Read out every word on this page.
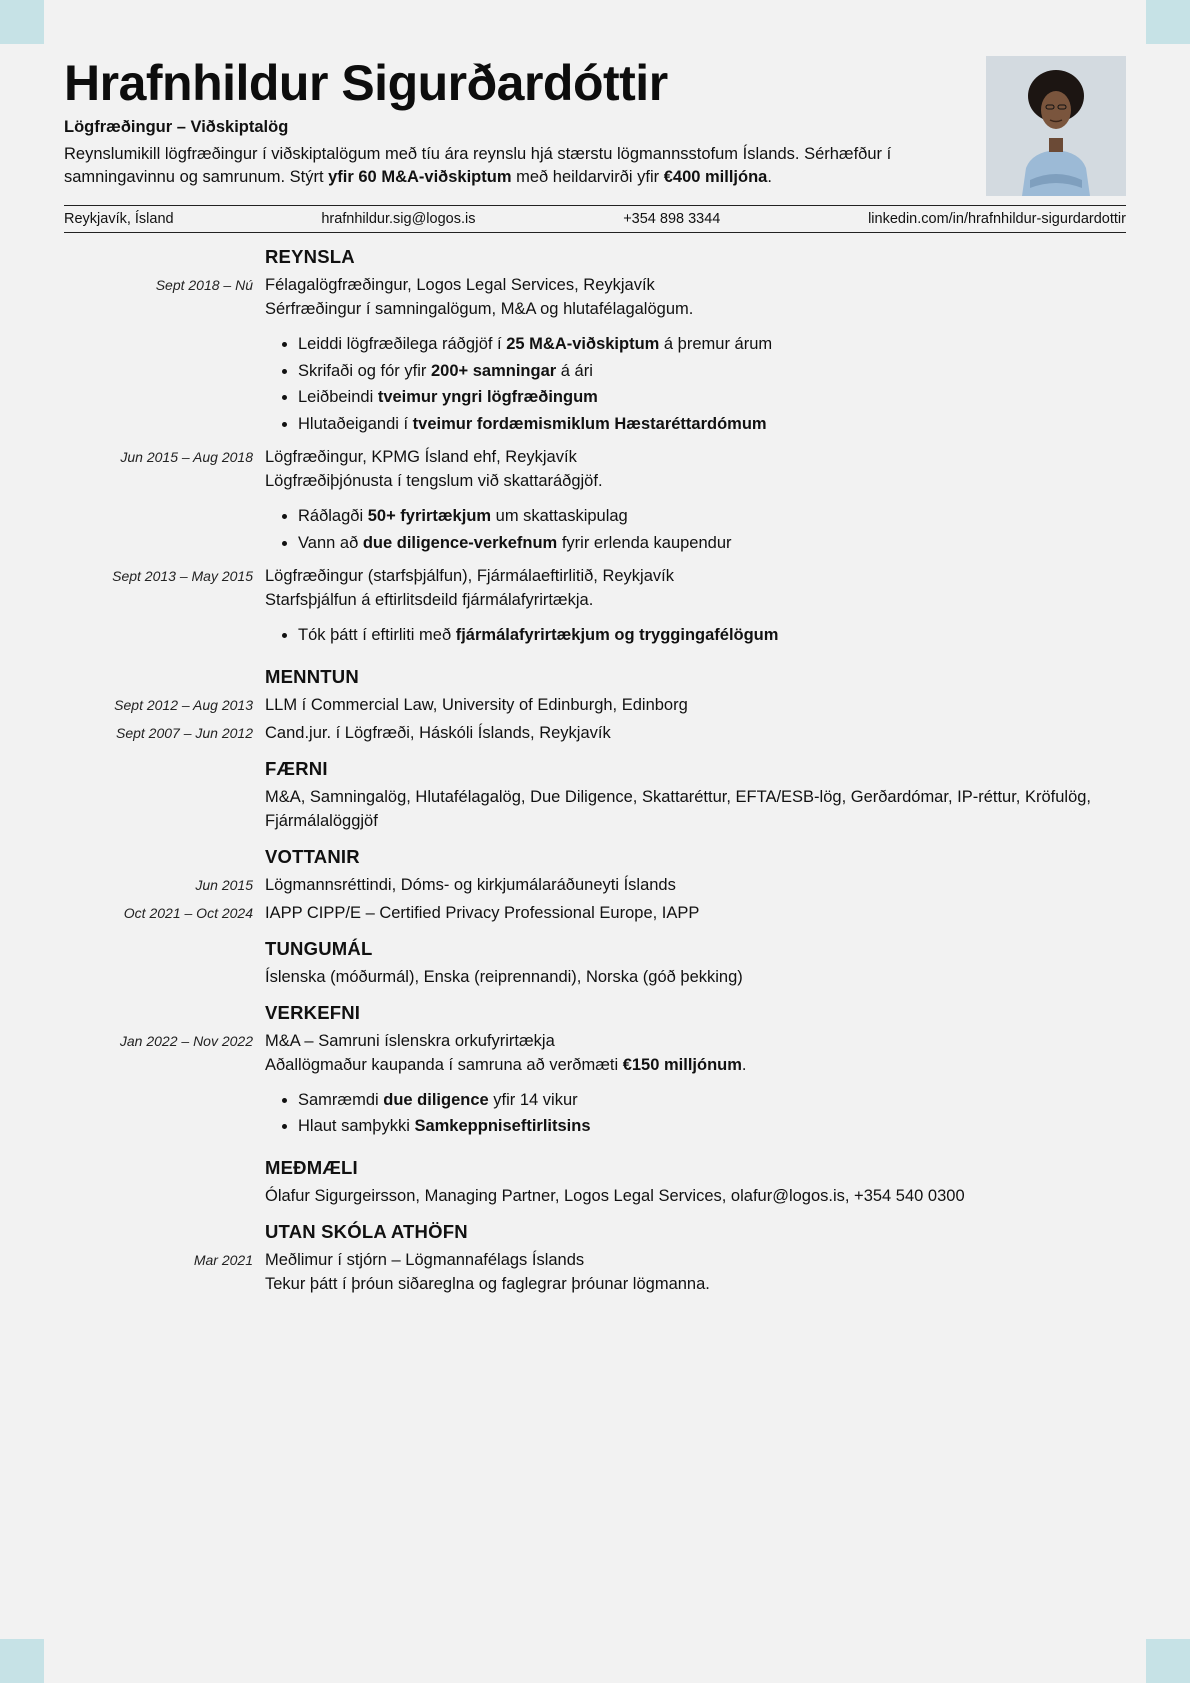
Hrafnhildur Sigurðardóttir
Lögfræðingur – Viðskiptalög
Reynslumikill lögfræðingur í viðskiptalögum með tíu ára reynslu hjá stærstu lögmannsstofum Íslands. Sérhæfður í samningavinnu og samrunum. Stýrt yfir 60 M&A-viðskiptum með heildarvirði yfir €400 milljóna.
Reykjavík, Ísland	hrafnhildur.sig@logos.is	+354 898 3344	linkedin.com/in/hrafnhildur-sigurdardottir
REYNSLA
Sept 2018 – Nú Félagalögfræðingur, Logos Legal Services, Reykjavík
Sérfræðingur í samningalögum, M&A og hlutafélagalögum.
• Leiddi lögfræðilega ráðgjöf í 25 M&A-viðskiptum á þremur árum
• Skrifaði og fór yfir 200+ samningar á ári
• Leiðbeindi tveimur yngri lögfræðingum
• Hlutaðeigandi í tveimur fordæmismiklum Hæstaréttardómum
Jun 2015 – Aug 2018 Lögfræðingur, KPMG Ísland ehf, Reykjavík
Lögfræðiþjónusta í tengslum við skattaráðgjöf.
• Ráðlagði 50+ fyrirtækjum um skattaskipulag
• Vann að due diligence-verkefnum fyrir erlenda kaupendur
Sept 2013 – May 2015 Lögfræðingur (starfsþjálfun), Fjármálaeftirlitið, Reykjavík
Starfsþjálfun á eftirlitsdeild fjármálafyrirtækja.
• Tók þátt í eftirliti með fjármálafyrirtækjum og tryggingafélögum
MENNTUN
Sept 2012 – Aug 2013 LLM í Commercial Law, University of Edinburgh, Edinborg
Sept 2007 – Jun 2012 Cand.jur. í Lögfræði, Háskóli Íslands, Reykjavík
FÆRNI
M&A, Samningalög, Hlutafélagalög, Due Diligence, Skattaréttur, EFTA/ESB-lög, Gerðardómar, IP-réttur, Kröfulög, Fjármálalöggjöf
VOTTANIR
Jun 2015 Lögmannsréttindi, Dóms- og kirkjumálaráðuneyti Íslands
Oct 2021 – Oct 2024 IAPP CIPP/E – Certified Privacy Professional Europe, IAPP
TUNGUMÁL
Íslenska (móðurmál), Enska (reiprennandi), Norska (góð þekking)
VERKEFNI
Jan 2022 – Nov 2022 M&A – Samruni íslenskra orkufyrirtækja
Aðallögmaður kaupanda í samruna að verðmæti €150 milljónum.
• Samræmdi due diligence yfir 14 vikur
• Hlaut samþykki Samkeppniseftirlitsins
MEÐMÆLI
Ólafur Sigurgeirsson, Managing Partner, Logos Legal Services, olafur@logos.is, +354 540 0300
UTAN SKÓLA ATHÖFN
Mar 2021 Meðlimur í stjórn – Lögmannafélags Íslands
Tekur þátt í þróun siðareglna og faglegrar þróunar lögmanna.
